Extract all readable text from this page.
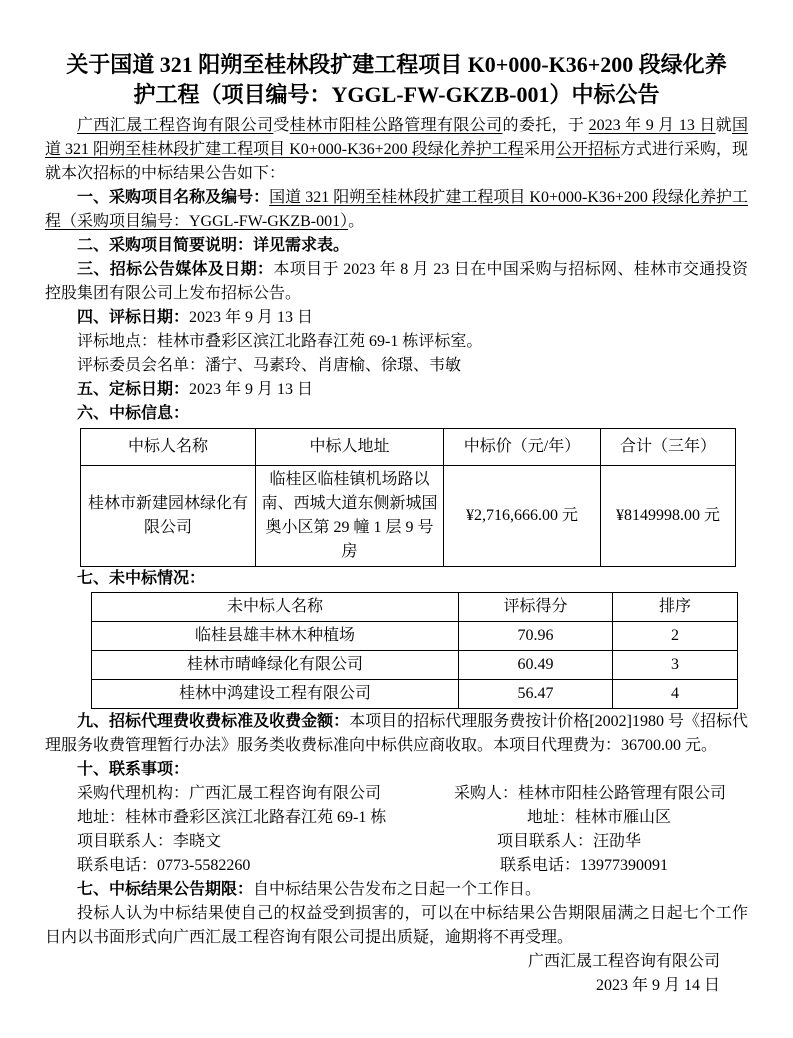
关于国道 321 阳朔至桂林段扩建工程项目 K0+000-K36+200 段绿化养
护工程（项目编号：YGGL-FW-GKZB-001）中标公告

广西汇晟工程咨询有限公司受桂林市阳桂公路管理有限公司的委托，于 2023 年 9 月 13 日就国道 321 阳朔至桂林段扩建工程项目 K0+000-K36+200 段绿化养护工程采用公开招标方式进行采购，现就本次招标的中标结果公告如下：

一、采购项目名称及编号：国道 321 阳朔至桂林段扩建工程项目 K0+000-K36+200 段绿化养护工程（采购项目编号：YGGL-FW-GKZB-001）。

二、采购项目简要说明：详见需求表。

三、招标公告媒体及日期：本项目于 2023 年 8 月 23 日在中国采购与招标网、桂林市交通投资控股集团有限公司上发布招标公告。

四、评标日期：2023 年 9 月 13 日

评标地点：桂林市叠彩区滨江北路春江苑 69-1 栋评标室。

评标委员会名单：潘宁、马素玲、肖唐榆、徐璟、韦敏

五、定标日期：2023 年 9 月 13 日

六、中标信息：

中标人名称	中标人地址	中标价（元/年）	合计（三年）
桂林市新建园林绿化有限公司	临桂区临桂镇机场路以南、西城大道东侧新城国奥小区第 29 幢 1 层 9 号房	¥2,716,666.00 元	¥8149998.00 元

七、未中标情况：

未中标人名称	评标得分	排序
临桂县雄丰林木种植场	70.96	2
桂林市晴峰绿化有限公司	60.49	3
桂林中鸿建设工程有限公司	56.47	4

九、招标代理费收费标准及收费金额：本项目的招标代理服务费按计价格[2002]1980 号《招标代理服务收费管理暂行办法》服务类收费标准向中标供应商收取。本项目代理费为：36700.00 元。

十、联系事项：

采购代理机构：广西汇晟工程咨询有限公司	采购人：桂林市阳桂公路管理有限公司

地址：桂林市叠彩区滨江北路春江苑 69-1 栋	地址：桂林市雁山区

项目联系人：李晓文	项目联系人：汪劭华

联系电话：0773-5582260	联系电话：13977390091

七、中标结果公告期限：自中标结果公告发布之日起一个工作日。

投标人认为中标结果使自己的权益受到损害的，可以在中标结果公告期限届满之日起七个工作日内以书面形式向广西汇晟工程咨询有限公司提出质疑，逾期将不再受理。

广西汇晟工程咨询有限公司

2023 年 9 月 14 日
